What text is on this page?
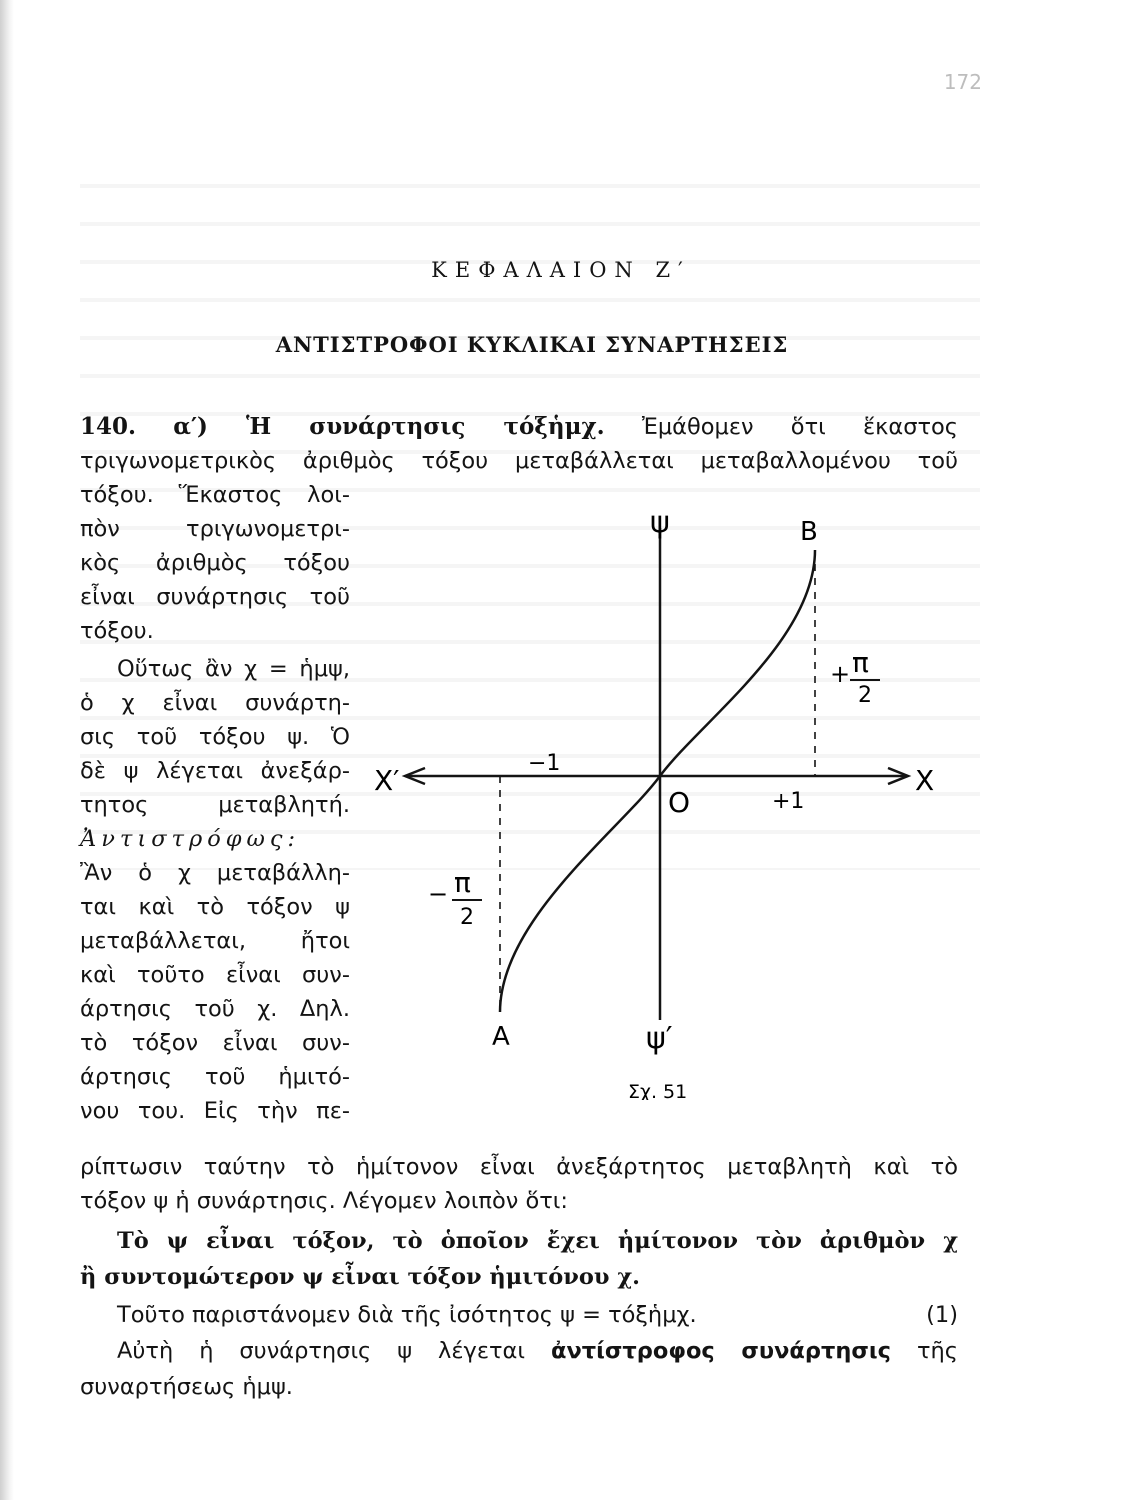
ΚΕΦΑΛΑΙΟΝ Ζ′
ΑΝΤΙΣΤΡΟΦΟΙ ΚΥΚΛΙΚΑΙ ΣΥΝΑΡΤΗΣΕΙΣ
140. α′) Ἡ συνάρτησις τόξἡμχ. Ἐμάθομεν ὅτι ἕκαστος
τριγωνομετρικὸς ἀριθμὸς τόξου μεταβάλλεται μεταβαλλομένου τοῦ
τόξου. Ἕκαστος λοι-
πὸν τριγωνομετρι-
κὸς ἀριθμὸς τόξου
εἶναι συνάρτησις τοῦ
τόξου.
Οὕτως ἂν χ = ἡμψ,
ὁ χ εἶναι συνάρτη-
σις τοῦ τόξου ψ. Ὁ
δὲ ψ λέγεται ἀνεξάρ-
τητος μεταβλητή.
Ἀντιστρόφως:
Ἂν ὁ χ μεταβάλλη-
ται καὶ τὸ τόξον ψ
μεταβάλλεται, ἤτοι
καὶ τοῦτο εἶναι συν-
άρτησις τοῦ χ. Δηλ.
τὸ τόξον εἶναι συν-
άρτησις τοῦ ἡμιτό-
νου του. Εἰς τὴν πε-
ψ	Β
+ π
2
Χ′	Χ
−1
Ο	+1
− π
2
Α	ψ′
Σχ. 51
ρίπτωσιν ταύτην τὸ ἡμίτονον εἶναι ἀνεξάρτητος μεταβλητὴ καὶ τὸ
τόξον ψ ἡ συνάρτησις. Λέγομεν λοιπὸν ὅτι:
Τὸ ψ εἶναι τόξον, τὸ ὁποῖον ἔχει ἡμίτονον τὸν ἀριθμὸν χ
ἢ συντομώτερον ψ εἶναι τόξον ἡμιτόνου χ.
Τοῦτο παριστάνομεν διὰ τῆς ἰσότητος ψ = τόξἡμχ.	(1)
Αὐτὴ ἡ συνάρτησις ψ λέγεται ἀντίστροφος συνάρτησις τῆς
συναρτήσεως ἡμψ.
172
